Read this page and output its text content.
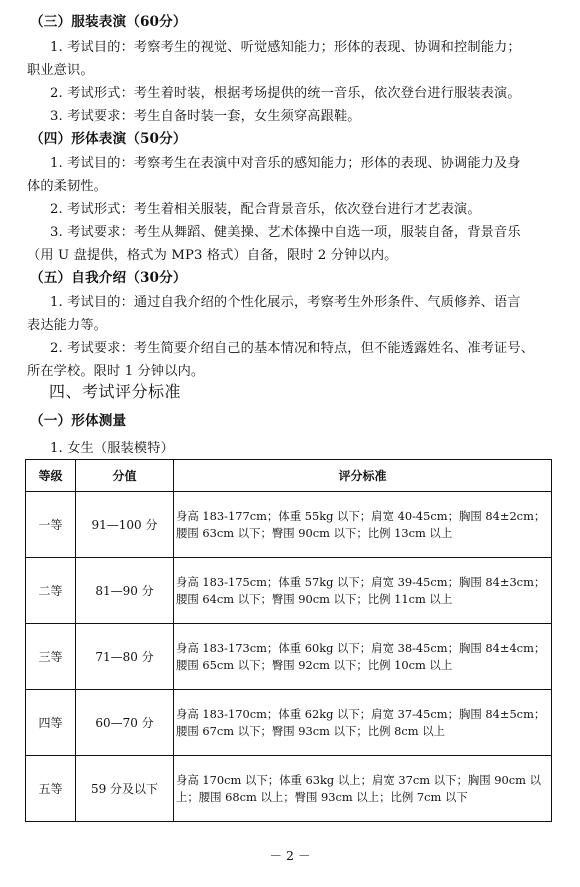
（三）服装表演（60分）
1. 考试目的：考察考生的视觉、听觉感知能力；形体的表现、协调和控制能力；
职业意识。
2. 考试形式：考生着时装，根据考场提供的统一音乐，依次登台进行服装表演。
3. 考试要求：考生自备时装一套，女生须穿高跟鞋。
（四）形体表演（50分）
1. 考试目的：考察考生在表演中对音乐的感知能力；形体的表现、协调能力及身
体的柔韧性。
2. 考试形式：考生着相关服装，配合背景音乐，依次登台进行才艺表演。
3. 考试要求：考生从舞蹈、健美操、艺术体操中自选一项，服装自备，背景音乐
（用 U 盘提供，格式为 MP3 格式）自备，限时 2 分钟以内。
（五）自我介绍（30分）
1. 考试目的：通过自我介绍的个性化展示，考察考生外形条件、气质修养、语言
表达能力等。
2. 考试要求：考生简要介绍自己的基本情况和特点，但不能透露姓名、准考证号、
所在学校。限时 1 分钟以内。
四、考试评分标准
（一）形体测量
1. 女生（服装模特）
等级	分值	评分标准
一等	91—100 分	身高 183-177cm；体重 55kg 以下；肩宽 40-45cm；胸围 84±2cm；腰围 63cm 以下；臀围 90cm 以下；比例 13cm 以上
二等	81—90 分	身高 183-175cm；体重 57kg 以下；肩宽 39-45cm；胸围 84±3cm；腰围 64cm 以下；臀围 90cm 以下；比例 11cm 以上
三等	71—80 分	身高 183-173cm；体重 60kg 以下；肩宽 38-45cm；胸围 84±4cm；腰围 65cm 以下；臀围 92cm 以下；比例 10cm 以上
四等	60—70 分	身高 183-170cm；体重 62kg 以下；肩宽 37-45cm；胸围 84±5cm；腰围 67cm 以下；臀围 93cm 以下；比例 8cm 以上
五等	59 分及以下	身高 170cm 以下；体重 63kg 以上；肩宽 37cm 以下；胸围 90cm 以上；腰围 68cm 以上；臀围 93cm 以上；比例 7cm 以下
－ 2 －
